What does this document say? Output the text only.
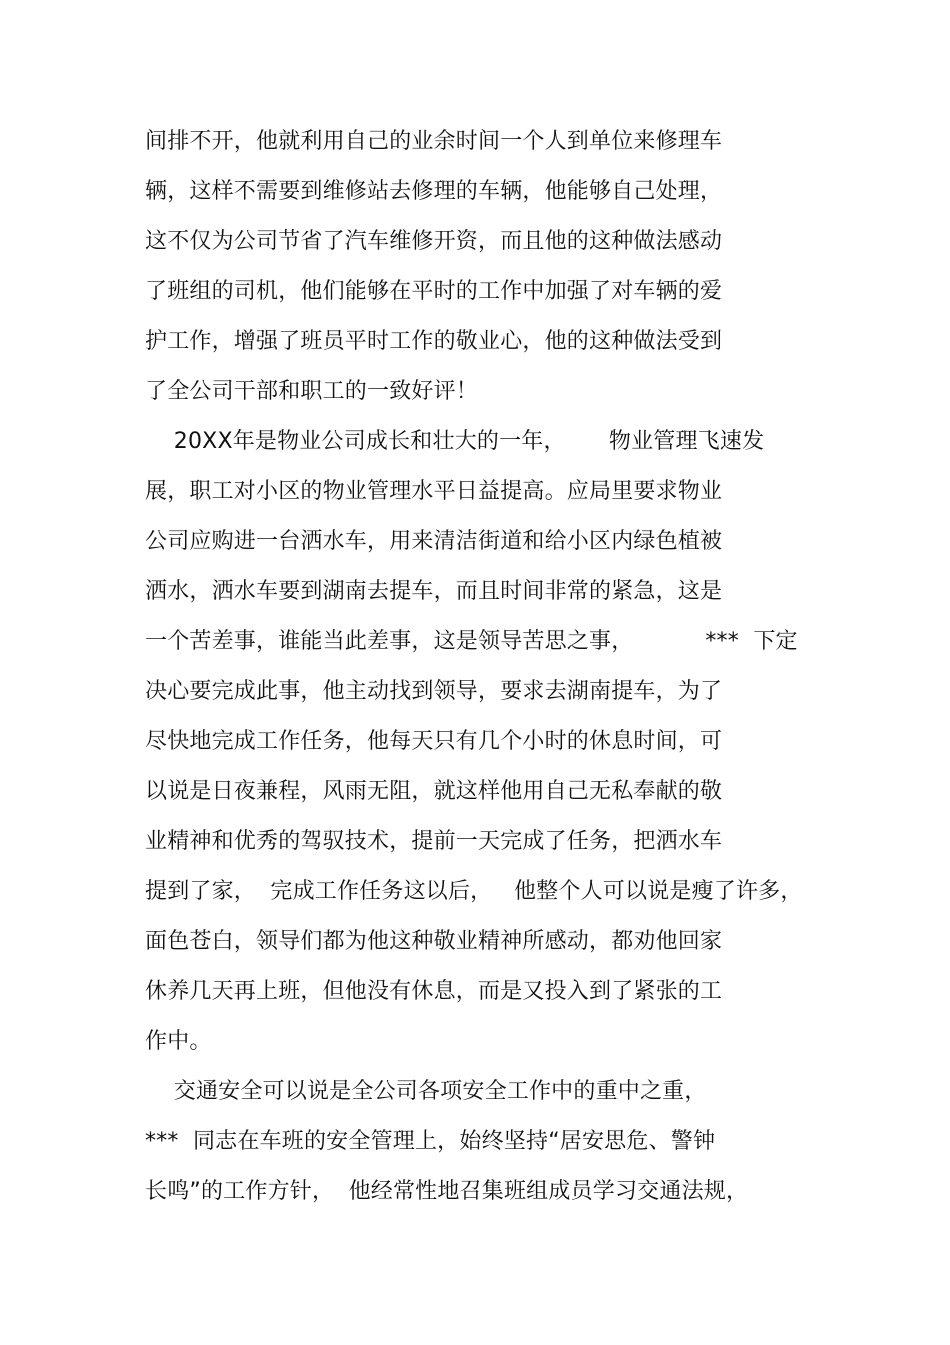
间排不开，他就利用自己的业余时间一个人到单位来修理车
辆，这样不需要到维修站去修理的车辆，他能够自己处理，
这不仅为公司节省了汽车维修开资，而且他的这种做法感动
了班组的司机，他们能够在平时的工作中加强了对车辆的爱
护工作，增强了班员平时工作的敬业心，他的这种做法受到
了全公司干部和职工的一致好评！
20XX年是物业公司成长和壮大的一年，      物业管理飞速发
展，职工对小区的物业管理水平日益提高。应局里要求物业
公司应购进一台洒水车，用来清洁街道和给小区内绿色植被
洒水，洒水车要到湖南去提车，而且时间非常的紧急，这是
一个苦差事，谁能当此差事，这是领导苦思之事，          ***  下定
决心要完成此事，他主动找到领导，要求去湖南提车，为了
尽快地完成工作任务，他每天只有几个小时的休息时间，可
以说是日夜兼程，风雨无阻，就这样他用自己无私奉献的敬
业精神和优秀的驾驭技术，提前一天完成了任务，把洒水车
提到了家，  完成工作任务这以后，   他整个人可以说是瘦了许多，
面色苍白，领导们都为他这种敬业精神所感动，都劝他回家
休养几天再上班，但他没有休息，而是又投入到了紧张的工
作中。
交通安全可以说是全公司各项安全工作中的重中之重，
***  同志在车班的安全管理上，始终坚持“居安思危、警钟
长鸣”的工作方针，  他经常性地召集班组成员学习交通法规，
